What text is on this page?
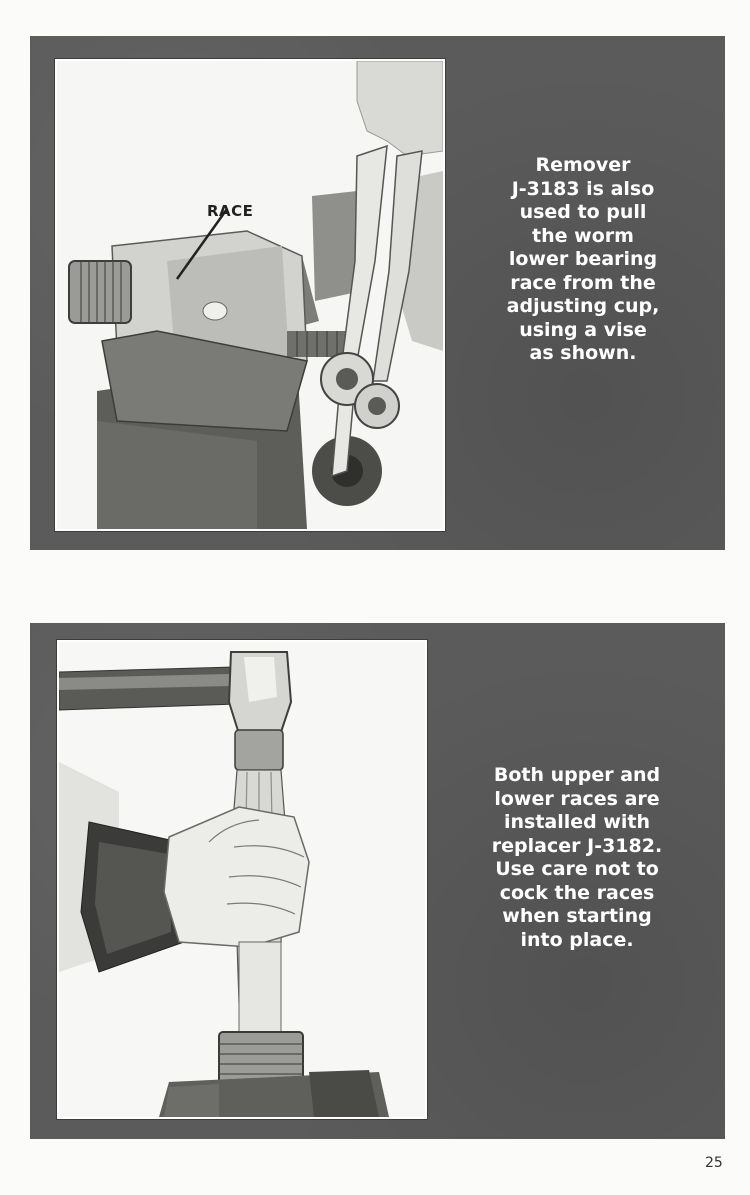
RACE

Remover
J-3183 is also
used to pull
the worm
lower bearing
race from the
adjusting cup,
using a vise
as shown.

Both upper and
lower races are
installed with
replacer J-3182.
Use care not to
cock the races
when starting
into place.

25
